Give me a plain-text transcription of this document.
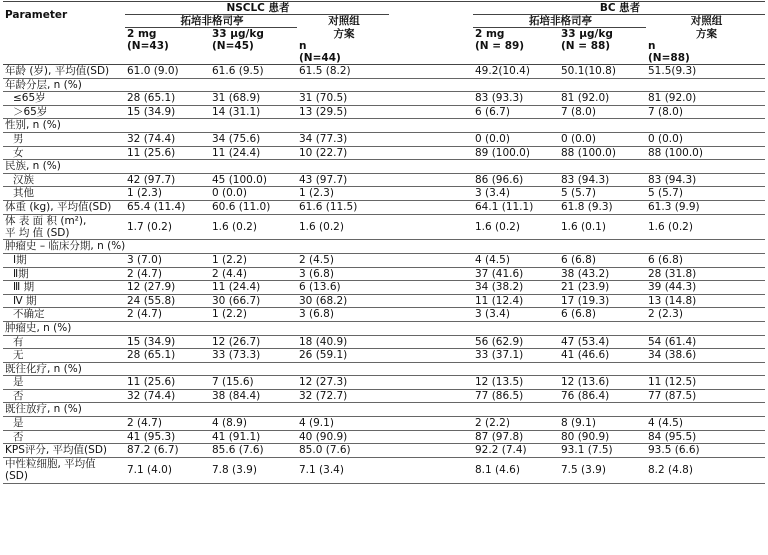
Parameter	NSCLC 患者				BC 患者		
	拓培非格司亭		对照组		拓培非格司亭		对照组
	2 mg	33 μg/kg	方案		2 mg	33 μg/kg	方案
	(N=43)	(N=45)	n		(N = 89)	(N = 88)	n
			(N=44)				(N=88)

年龄 (岁), 平均值(SD)	61.0 (9.0)	61.6 (9.5)	61.5 (8.2)		49.2(10.4)	50.1(10.8)	51.5(9.3)

年龄分层, n (%)							

≤65岁	28 (65.1)	31 (68.9)	31 (70.5)		83 (93.3)	81 (92.0)	81 (92.0)

＞65岁	15 (34.9)	14 (31.1)	13 (29.5)		6 (6.7)	7 (8.0)	7 (8.0)

性别, n (%)							

男	32 (74.4)	34 (75.6)	34 (77.3)		0 (0.0)	0 (0.0)	0 (0.0)

女	11 (25.6)	11 (24.4)	10 (22.7)		89 (100.0)	88 (100.0)	88 (100.0)

民族, n (%)							

汉族	42 (97.7)	45 (100.0)	43 (97.7)		86 (96.6)	83 (94.3)	83 (94.3)

其他	1 (2.3)	0 (0.0)	1 (2.3)		3 (3.4)	5 (5.7)	5 (5.7)

体重 (kg), 平均值(SD)	65.4 (11.4)	60.6 (11.0)	61.6 (11.5)		64.1 (11.1)	61.8 (9.3)	61.3 (9.9)

体 表 面 积 (m²),
平 均 值 (SD)	1.7 (0.2)	1.6 (0.2)	1.6 (0.2)		1.6 (0.2)	1.6 (0.1)	1.6 (0.2)

肿瘤史 – 临床分期, n (%)							

Ⅰ期	3 (7.0)	1 (2.2)	2 (4.5)		4 (4.5)	6 (6.8)	6 (6.8)

Ⅱ期	2 (4.7)	2 (4.4)	3 (6.8)		37 (41.6)	38 (43.2)	28 (31.8)

Ⅲ 期	12 (27.9)	11 (24.4)	6 (13.6)		34 (38.2)	21 (23.9)	39 (44.3)

Ⅳ 期	24 (55.8)	30 (66.7)	30 (68.2)		11 (12.4)	17 (19.3)	13 (14.8)

不确定	2 (4.7)	1 (2.2)	3 (6.8)		3 (3.4)	6 (6.8)	2 (2.3)

肿瘤史, n (%)							

有	15 (34.9)	12 (26.7)	18 (40.9)		56 (62.9)	47 (53.4)	54 (61.4)

无	28 (65.1)	33 (73.3)	26 (59.1)		33 (37.1)	41 (46.6)	34 (38.6)

既往化疗, n (%)							

是	11 (25.6)	7 (15.6)	12 (27.3)		12 (13.5)	12 (13.6)	11 (12.5)

否	32 (74.4)	38 (84.4)	32 (72.7)		77 (86.5)	76 (86.4)	77 (87.5)

既往放疗, n (%)							

是	2 (4.7)	4 (8.9)	4 (9.1)		2 (2.2)	8 (9.1)	4 (4.5)

否	41 (95.3)	41 (91.1)	40 (90.9)		87 (97.8)	80 (90.9)	84 (95.5)

KPS评分, 平均值(SD)	87.2 (6.7)	85.6 (7.6)	85.0 (7.6)		92.2 (7.4)	93.1 (7.5)	93.5 (6.6)

中性粒细胞, 平均值
(SD)	7.1 (4.0)	7.8 (3.9)	7.1 (3.4)		8.1 (4.6)	7.5 (3.9)	8.2 (4.8)
